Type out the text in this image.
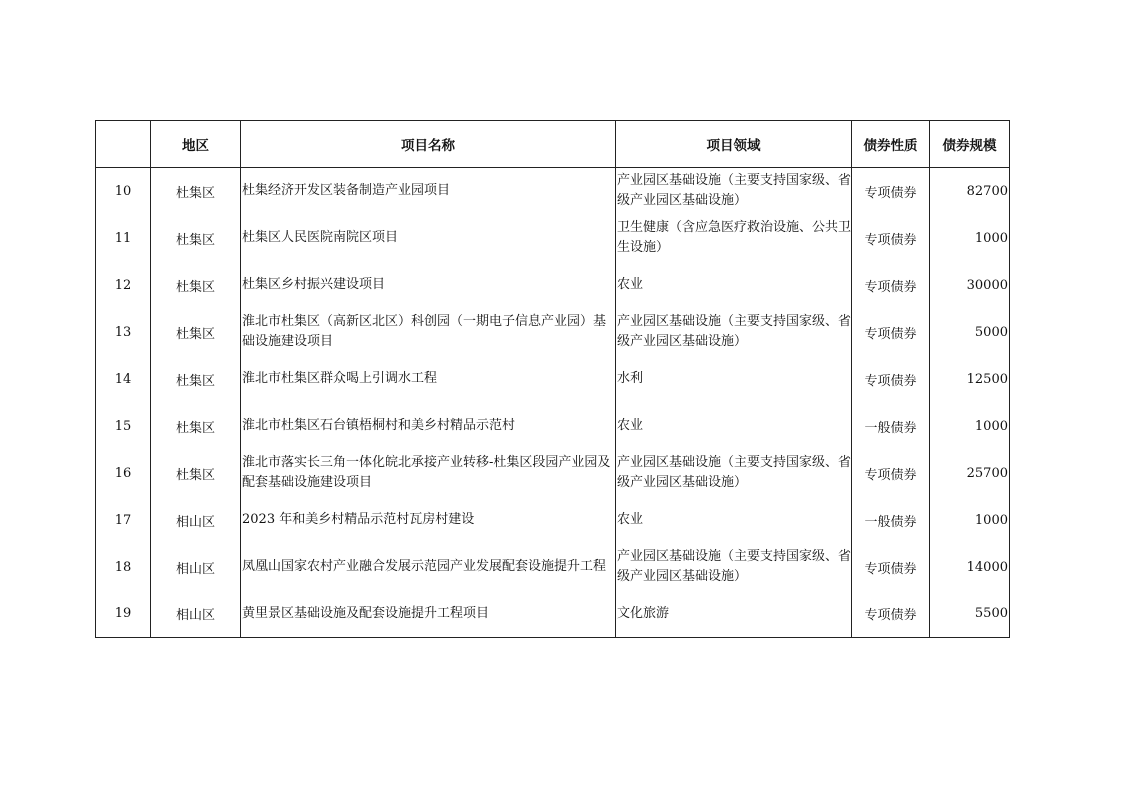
	地区	项目名称	项目领域	债券性质	债券规模
10	杜集区	杜集经济开发区装备制造产业园项目	产业园区基础设施（主要支持国家级、省级产业园区基础设施）	专项债券	82700
11	杜集区	杜集区人民医院南院区项目	卫生健康（含应急医疗救治设施、公共卫生设施）	专项债券	1000
12	杜集区	杜集区乡村振兴建设项目	农业	专项债券	30000
13	杜集区	淮北市杜集区（高新区北区）科创园（一期电子信息产业园）基础设施建设项目	产业园区基础设施（主要支持国家级、省级产业园区基础设施）	专项债券	5000
14	杜集区	淮北市杜集区群众喝上引调水工程	水利	专项债券	12500
15	杜集区	淮北市杜集区石台镇梧桐村和美乡村精品示范村	农业	一般债券	1000
16	杜集区	淮北市落实长三角一体化皖北承接产业转移-杜集区段园产业园及配套基础设施建设项目	产业园区基础设施（主要支持国家级、省级产业园区基础设施）	专项债券	25700
17	相山区	2023 年和美乡村精品示范村瓦房村建设	农业	一般债券	1000
18	相山区	凤凰山国家农村产业融合发展示范园产业发展配套设施提升工程	产业园区基础设施（主要支持国家级、省级产业园区基础设施）	专项债券	14000
19	相山区	黄里景区基础设施及配套设施提升工程项目	文化旅游	专项债券	5500
